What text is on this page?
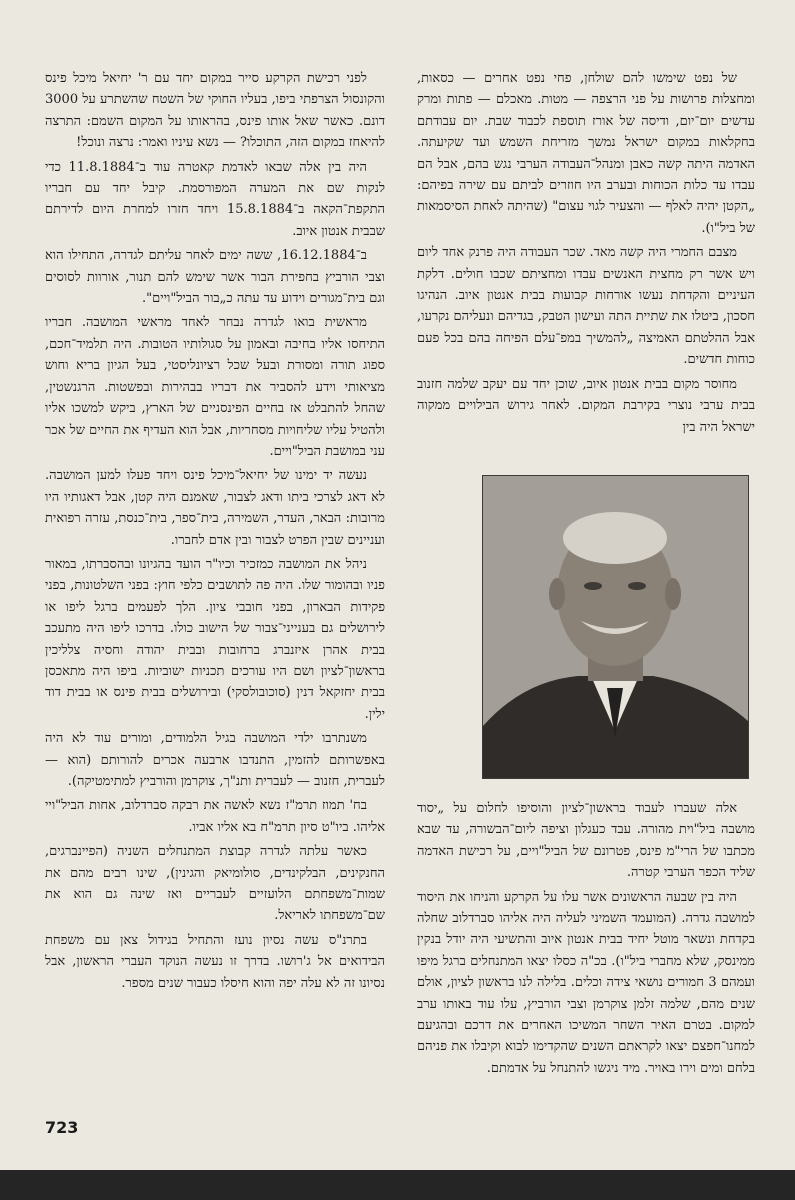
של נפט שימשו להם שולחן, פחי נפט אחרים — כסאות, ומחצלות פרושות על פני הרצפה — מטות. מאכלם — פתות ומרק עדשים יום־יום, ודיסה של אורז תוספת לכבוד שבת. יום עבודתם בחקלאות במקום ישראל נמשך מזריחת השמש ועד שקיעתה. האדמה היתה קשה כאבן ומנהל־העבודה הערבי נגש בהם, אבל הם עבדו עד כלות הכוחות ובערב היו חוזרים לביתם עם שירה בפיהם: „הקטן יהיה לאלף — והצעיר לגוי עצום" (שהיתה לאחת הסיסמאות של ביל"ו).

מצבם החמרי היה קשה מאד. שכר העבודה היה פרנק אחד ליום ויש אשר רק מחצית האנשים עבדו ומחציתם שכבו חולים. דלקת העיניים והקדחת נעשו אורחות קבועות בבית אנטון איוב. הנהיגו חסכון, ביטלו את שתיית התה ועישון הטבק, בגדיהם ונעליהם נקרעו, אבל ההלטתם האמיצה „להמשיך במפ־עלם הפיחה בהם בכל פעם כוחות חדשים.

מחוסר מקום בבית אנטון איוב, שוכן יחד עם יעקב שלמה חזנוב בבית ערבי נוצרי בקירבת המקום. לאחר גירוש הבילויים ממקוה ישראל היה בין

אלה שעברו לעבוד בראשון־לציון והוסיפו לחלום על „יסוד מושבה ביל"וית מהורה. עבד כעגלון וציפה ליום־הבשורה, עד שבא מכתבו של הרי"מ פינס, פטרונם של הביל"ויים, על רכישת האדמה שליד הכפר הערבי קטרה.

היה בין שבעה הראשונים אשר עלו על הקרקע והניחו את היסוד למושבה גדרה. (המועמד השמיני לעליה היה אליהו סברדלוב שחלה בקדחת ונשאר מוטל יחיד בבית אנטון איוב והתשיעי היה יודל בנקין ממינסק, שלא מחברי ביל"ו). בכ"ה כסלו יצאו המתנחלים ברגל מיפו ועמהם 3 חמורים נושאי צידה וכלים. בלילה לנו בראשון לציון, אולם שנים מהם, שלמה זלמן צוקרמן וצבי הורביץ, עלו עוד באותו ערב למקום. בטרם האיר השחר המשיכו האחרים את דרכם ובהגיעם למחנו־חפצם יצאו לקראתם השנים שהקדימו לבוא וקיבלו את פניהם בלחם ומים וירו באויר. מיד ניגשו להתנחל על אדמתם.

לפני רכישת הקרקע סייר במקום יחד עם ר' יחיאל מיכל פינס והקונסול הצרפתי ביפו, בעליו החוקי של השטח שהשתרע על 3000 דונם. כאשר שאל אותו פינס, בהראותו על המקום השמם: התרצה להיאחז במקום הזה, התוכלו? — נשא עיניו ואמר: נרצה ונוכל!

היה בין אלה שבאו לאדמת קאטרה עוד ב־11.8.1884 כדי לנקות שם את המערה המפורסמת. קיבל יחד עם חבריו התקפת־הקאה ב־15.8.1884 ויחד חזרו למחרת היום לדירתם שבבית אנטון איוב.

ב־16.12.1884, ששה ימים לאחר עליתם לגדרה, התחילו הוא וצבי הורביץ בחפירת הבור אשר שימש להם תנור, אורוות לסוסים וגם בית־מגורים וידוע עד עתה כ„בור הביל"ויים".

מראשית בואו לגדרה נבחר לאחד מראשי המושבה. חבריו התיחסו אליו בחיבה ובאמון על סגולותיו הטובות. היה תלמיד־חכם, ספוג תורה ומסורת ובעל שכל רציונליסטי, בעל הגיון בריא וחוש מציאותי וידע להסביר את דבריו בבהירות ובפשטות. הרגנשטין, שהחל להתבלט אז בחיים הפינסניים של הארץ, ביקש למשכו אליו ולהטיל עליו שליחויות מסחריות, אבל הוא העדיף את החיים של אכר עני במושבת הביל"ויים.

נעשה יד ימינו של יחיאל־מיכל פינס ויחד פעלו למען המושבה. לא דאג לצרכי ביתו ודאג לצבור, שאמנם היה קטן, אבל דאגותיו היו מרובות: הבאר, העדר, השמירה, בית־ספר, בית־כנסת, עזרה רפואית ועניינים שבין הפרט לצבור ובין אדם לחברו.

ניהל את המושבה כמזכיר וכיו"ר הועד בהגיונו ובהסברתו, במאור פניו ובהומור שלו. היה פה לתושבים כלפי חוץ: בפני השלטונות, בפני פקידות הבארון, בפני חובבי ציון. הלך לפעמים ברגל ליפו או לירושלים גם בענייני־צבור של הישוב כולו. בדרכו ליפו היה מתעכב בבית אהרן איזנברג ברחובות ובבית יהודה וחסיה צלליכין בראשון־לציון ושם היו עורכים תכניות ישוביות. ביפו היה מתאכסן בבית יחזקאל דנין (סוכובולסקי) ובירושלים בבית פינס או בבית דוד ילין.

משנתרבו ילדי המושבה בגיל הלמודים, ומורים עוד לא היה באפשרותם להזמין, התנדבו ארבעה אכרים להורותם (הוא — לעברית, חזנוב — לעברית ותנ"ך, צוקרמן והורביץ למתימטיקה).

בח' תמוז תרמ"ז נשא לאשה את רבקה סברדלוב, אחות הביל"ויי אליהו. ביו"ט סיון תרמ"ח בא אליו אביו.

כאשר עלתה לגדרה קבוצת המתנחלים השניה (הפיינברגים, החנקינים, הבלקינדים, סולומיאק והגינין), שינו רבים מהם את שמות־משפחתם הלועזיים לעבריים ואז שינה גם הוא את שם־משפחתו לאריאל.

בתרנ"ס עשה נסיון נועז והתחיל בגידול צאן עם משפחת הבידואים אל ג'רושו. בדרך זו נעשה הנוקד העברי הראשון, אבל נסיונו זה לא עלה יפה והוא חיסלו כעבור שנים מספר.

723
